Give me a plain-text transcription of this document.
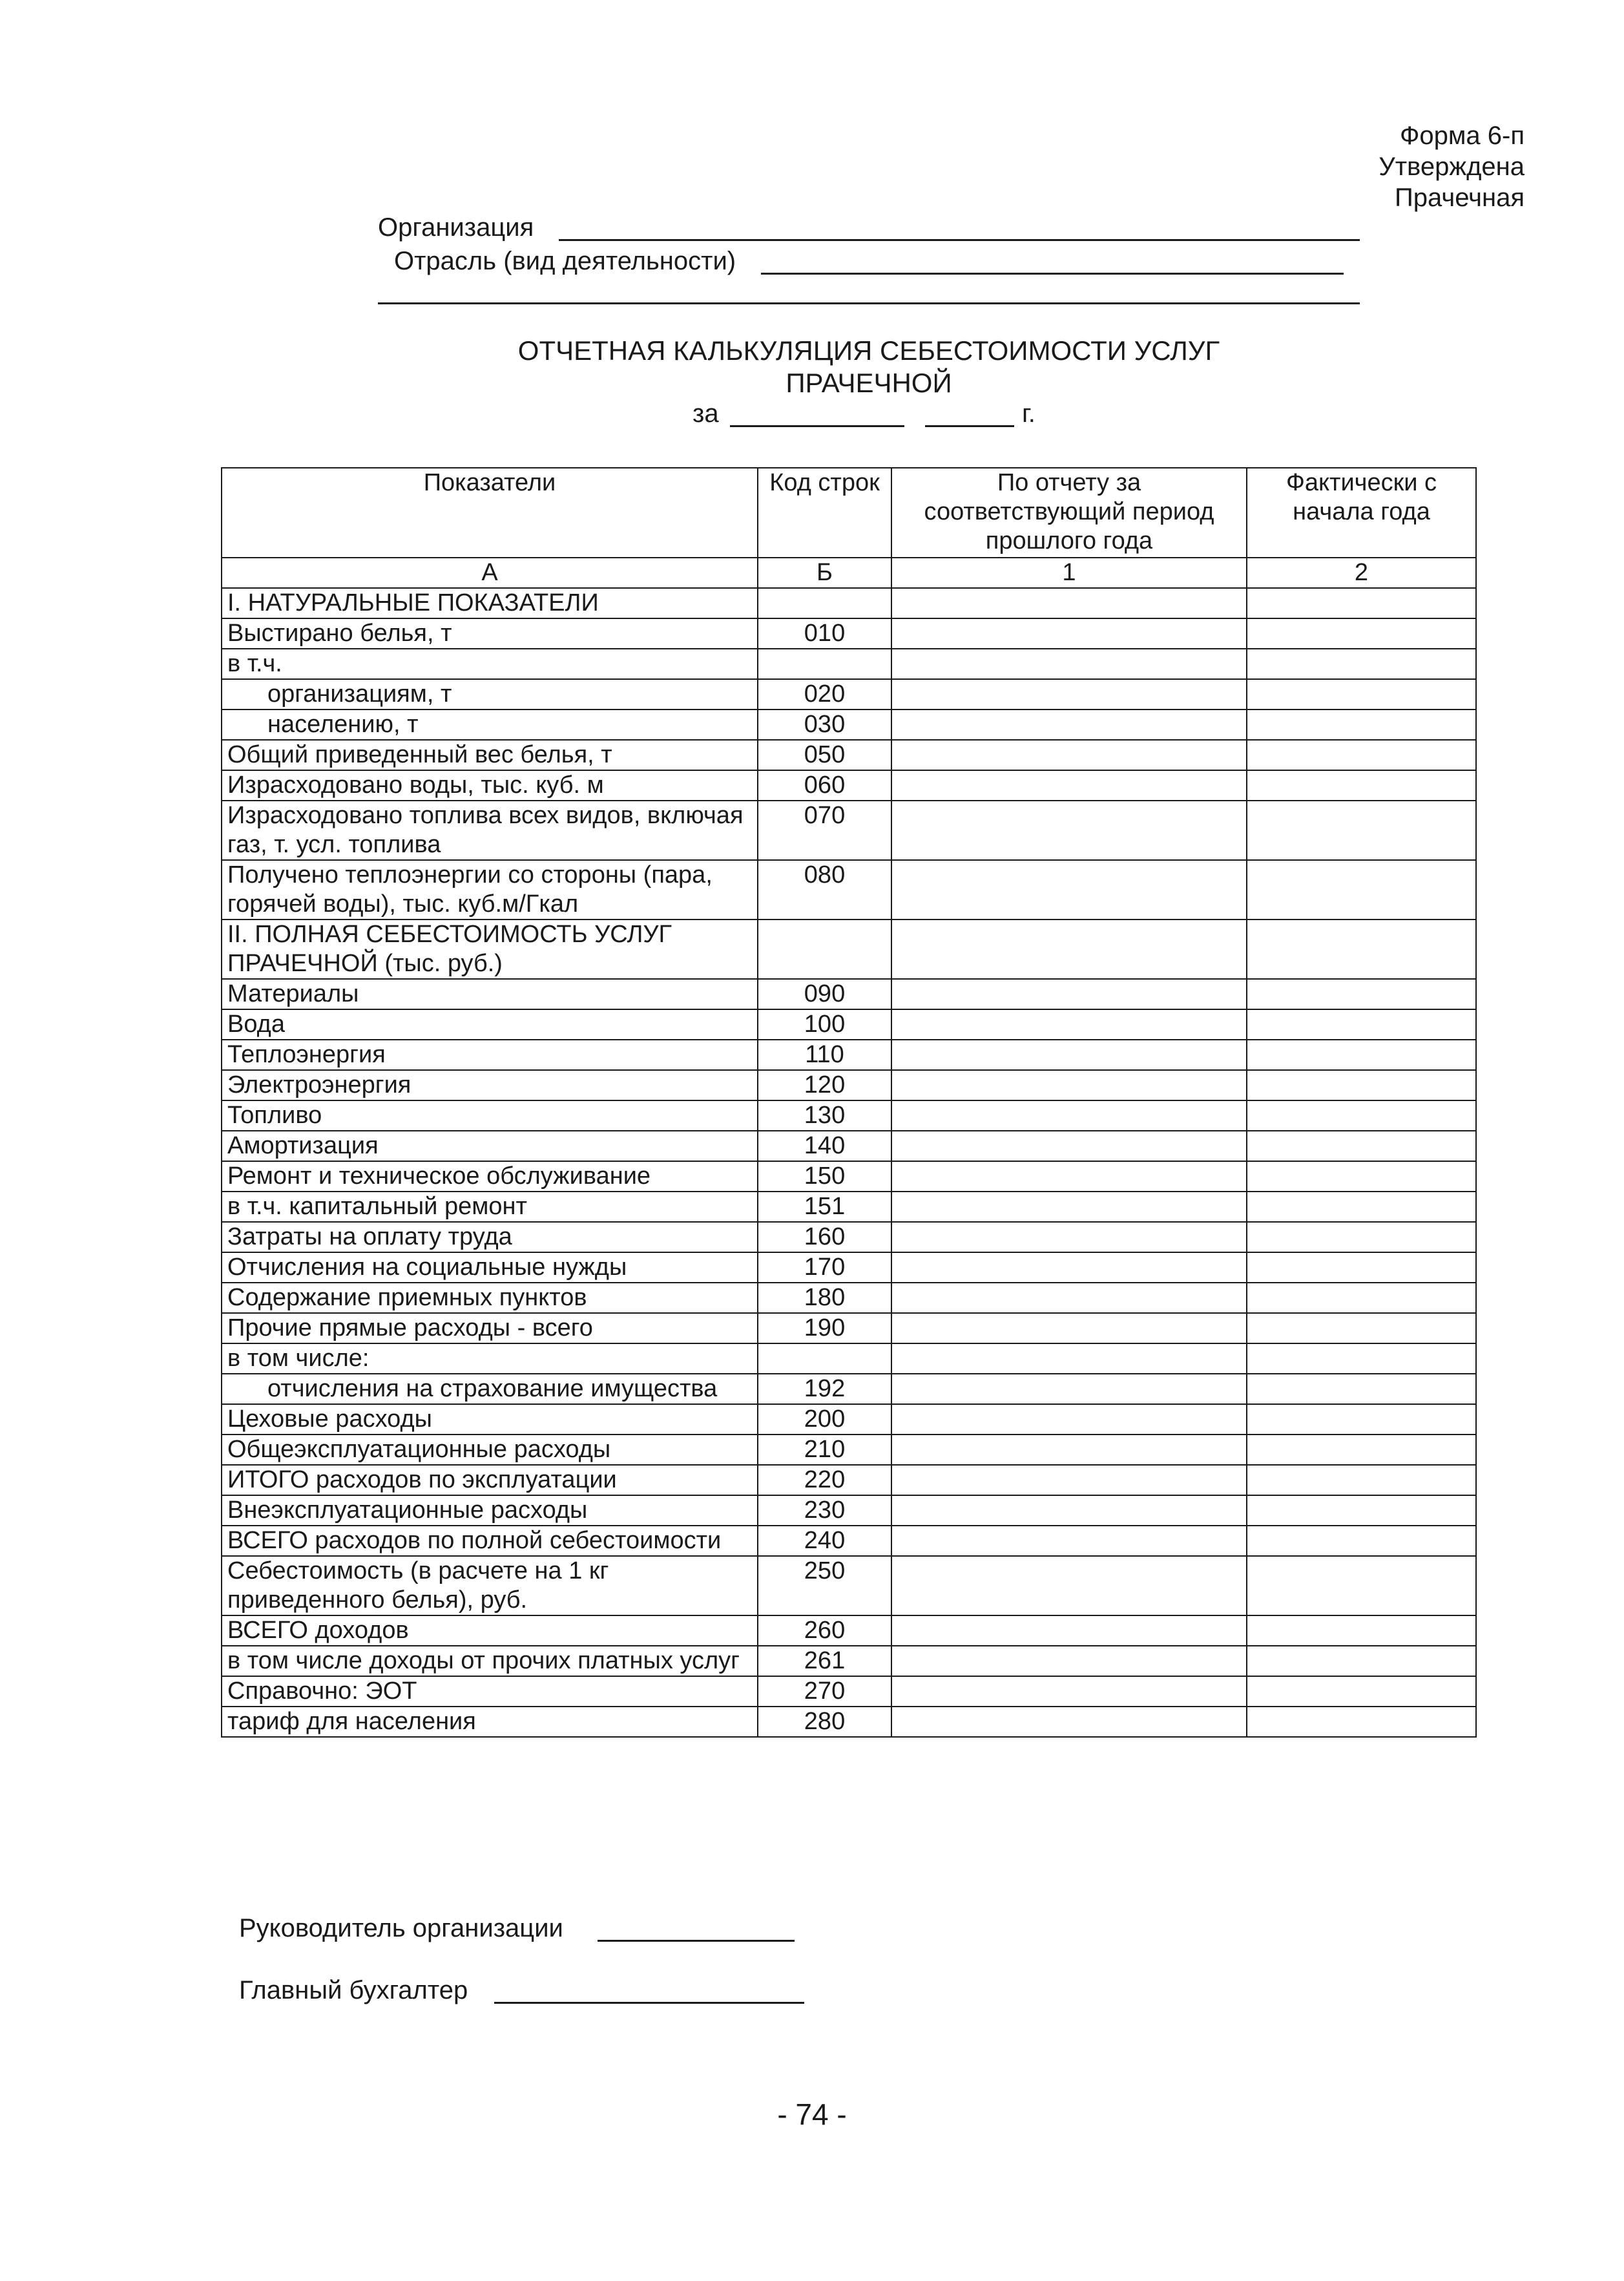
Форма 6-п
Утверждена
Прачечная
Организация
Отрасль (вид деятельности)
ОТЧЕТНАЯ КАЛЬКУЛЯЦИЯ СЕБЕСТОИМОСТИ УСЛУГ
ПРАЧЕЧНОЙ
за	г.
Показатели	Код строк	По отчету за соответствующий период прошлого года	Фактически с начала года
А	Б	1	2
I. НАТУРАЛЬНЫЕ ПОКАЗАТЕЛИ			
Выстирано белья, т	010		
в т.ч.			
организациям, т	020		
населению, т	030		
Общий приведенный вес белья, т	050		
Израсходовано воды, тыс. куб. м	060		
Израсходовано топлива всех видов, включая газ, т. усл. топлива	070		
Получено теплоэнергии со стороны (пара, горячей воды), тыс. куб.м/Гкал	080		
II. ПОЛНАЯ СЕБЕСТОИМОСТЬ УСЛУГ ПРАЧЕЧНОЙ (тыс. руб.)			
Материалы	090		
Вода	100		
Теплоэнергия	110		
Электроэнергия	120		
Топливо	130		
Амортизация	140		
Ремонт и техническое обслуживание	150		
в т.ч. капитальный ремонт	151		
Затраты на оплату труда	160		
Отчисления на социальные нужды	170		
Содержание приемных пунктов	180		
Прочие прямые расходы - всего	190		
в том числе:			
отчисления на страхование имущества	192		
Цеховые расходы	200		
Общеэксплуатационные расходы	210		
ИТОГО расходов по эксплуатации	220		
Внеэксплуатационные расходы	230		
ВСЕГО расходов по полной себестоимости	240		
Себестоимость (в расчете на 1 кг приведенного белья), руб.	250		
ВСЕГО доходов	260		
в том числе доходы от прочих платных услуг	261		
Справочно: ЭОТ	270		
тариф для населения	280		
Руководитель организации
Главный бухгалтер
- 74 -
